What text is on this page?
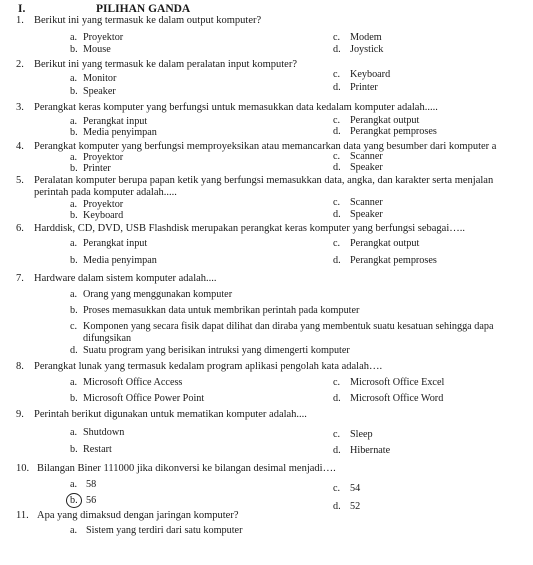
I.	PILIHAN GANDA
1. Berikut ini yang termasuk ke dalam output komputer?
a. Proyektor
b. Mouse
c. Modem
d. Joystick
2. Berikut ini yang termasuk ke dalam peralatan input komputer?
a. Monitor
b. Speaker
c. Keyboard
d. Printer
3. Perangkat keras komputer yang berfungsi untuk memasukkan data kedalam komputer adalah.....
a. Perangkat input
b. Media penyimpan
c. Perangkat output
d. Perangkat pemproses
4. Perangkat komputer yang berfungsi memproyeksikan atau memancarkan data yang besumber dari komputer a
a. Proyektor
b. Printer
c. Scanner
d. Speaker
5. Peralatan komputer berupa papan ketik yang berfungsi memasukkan data, angka, dan karakter serta menjalan
perintah pada komputer adalah.....
a. Proyektor
b. Keyboard
c. Scanner
d. Speaker
6. Harddisk, CD, DVD, USB Flashdisk merupakan perangkat keras komputer yang berfungsi sebagai…..
a. Perangkat input
b. Media penyimpan
c. Perangkat output
d. Perangkat pemproses
7. Hardware dalam sistem komputer adalah....
a. Orang yang menggunakan komputer
b. Proses memasukkan data untuk membrikan perintah pada komputer
c. Komponen yang secara fisik dapat dilihat dan diraba yang membentuk suatu kesatuan sehingga dapa
difungsikan
d. Suatu program yang berisikan intruksi yang dimengerti komputer
8. Perangkat lunak yang termasuk kedalam program aplikasi pengolah kata adalah….
a. Microsoft Office Access
b. Microsoft Office Power Point
c. Microsoft Office Excel
d. Microsoft Office Word
9. Perintah berikut digunakan untuk mematikan komputer adalah....
a. Shutdown
b. Restart
c. Sleep
d. Hibernate
10. Bilangan Biner 111000 jika dikonversi ke bilangan desimal menjadi….
a. 58
b. 56
c. 54
d. 52
11. Apa yang dimaksud dengan jaringan komputer?
a. Sistem yang terdiri dari satu komputer
